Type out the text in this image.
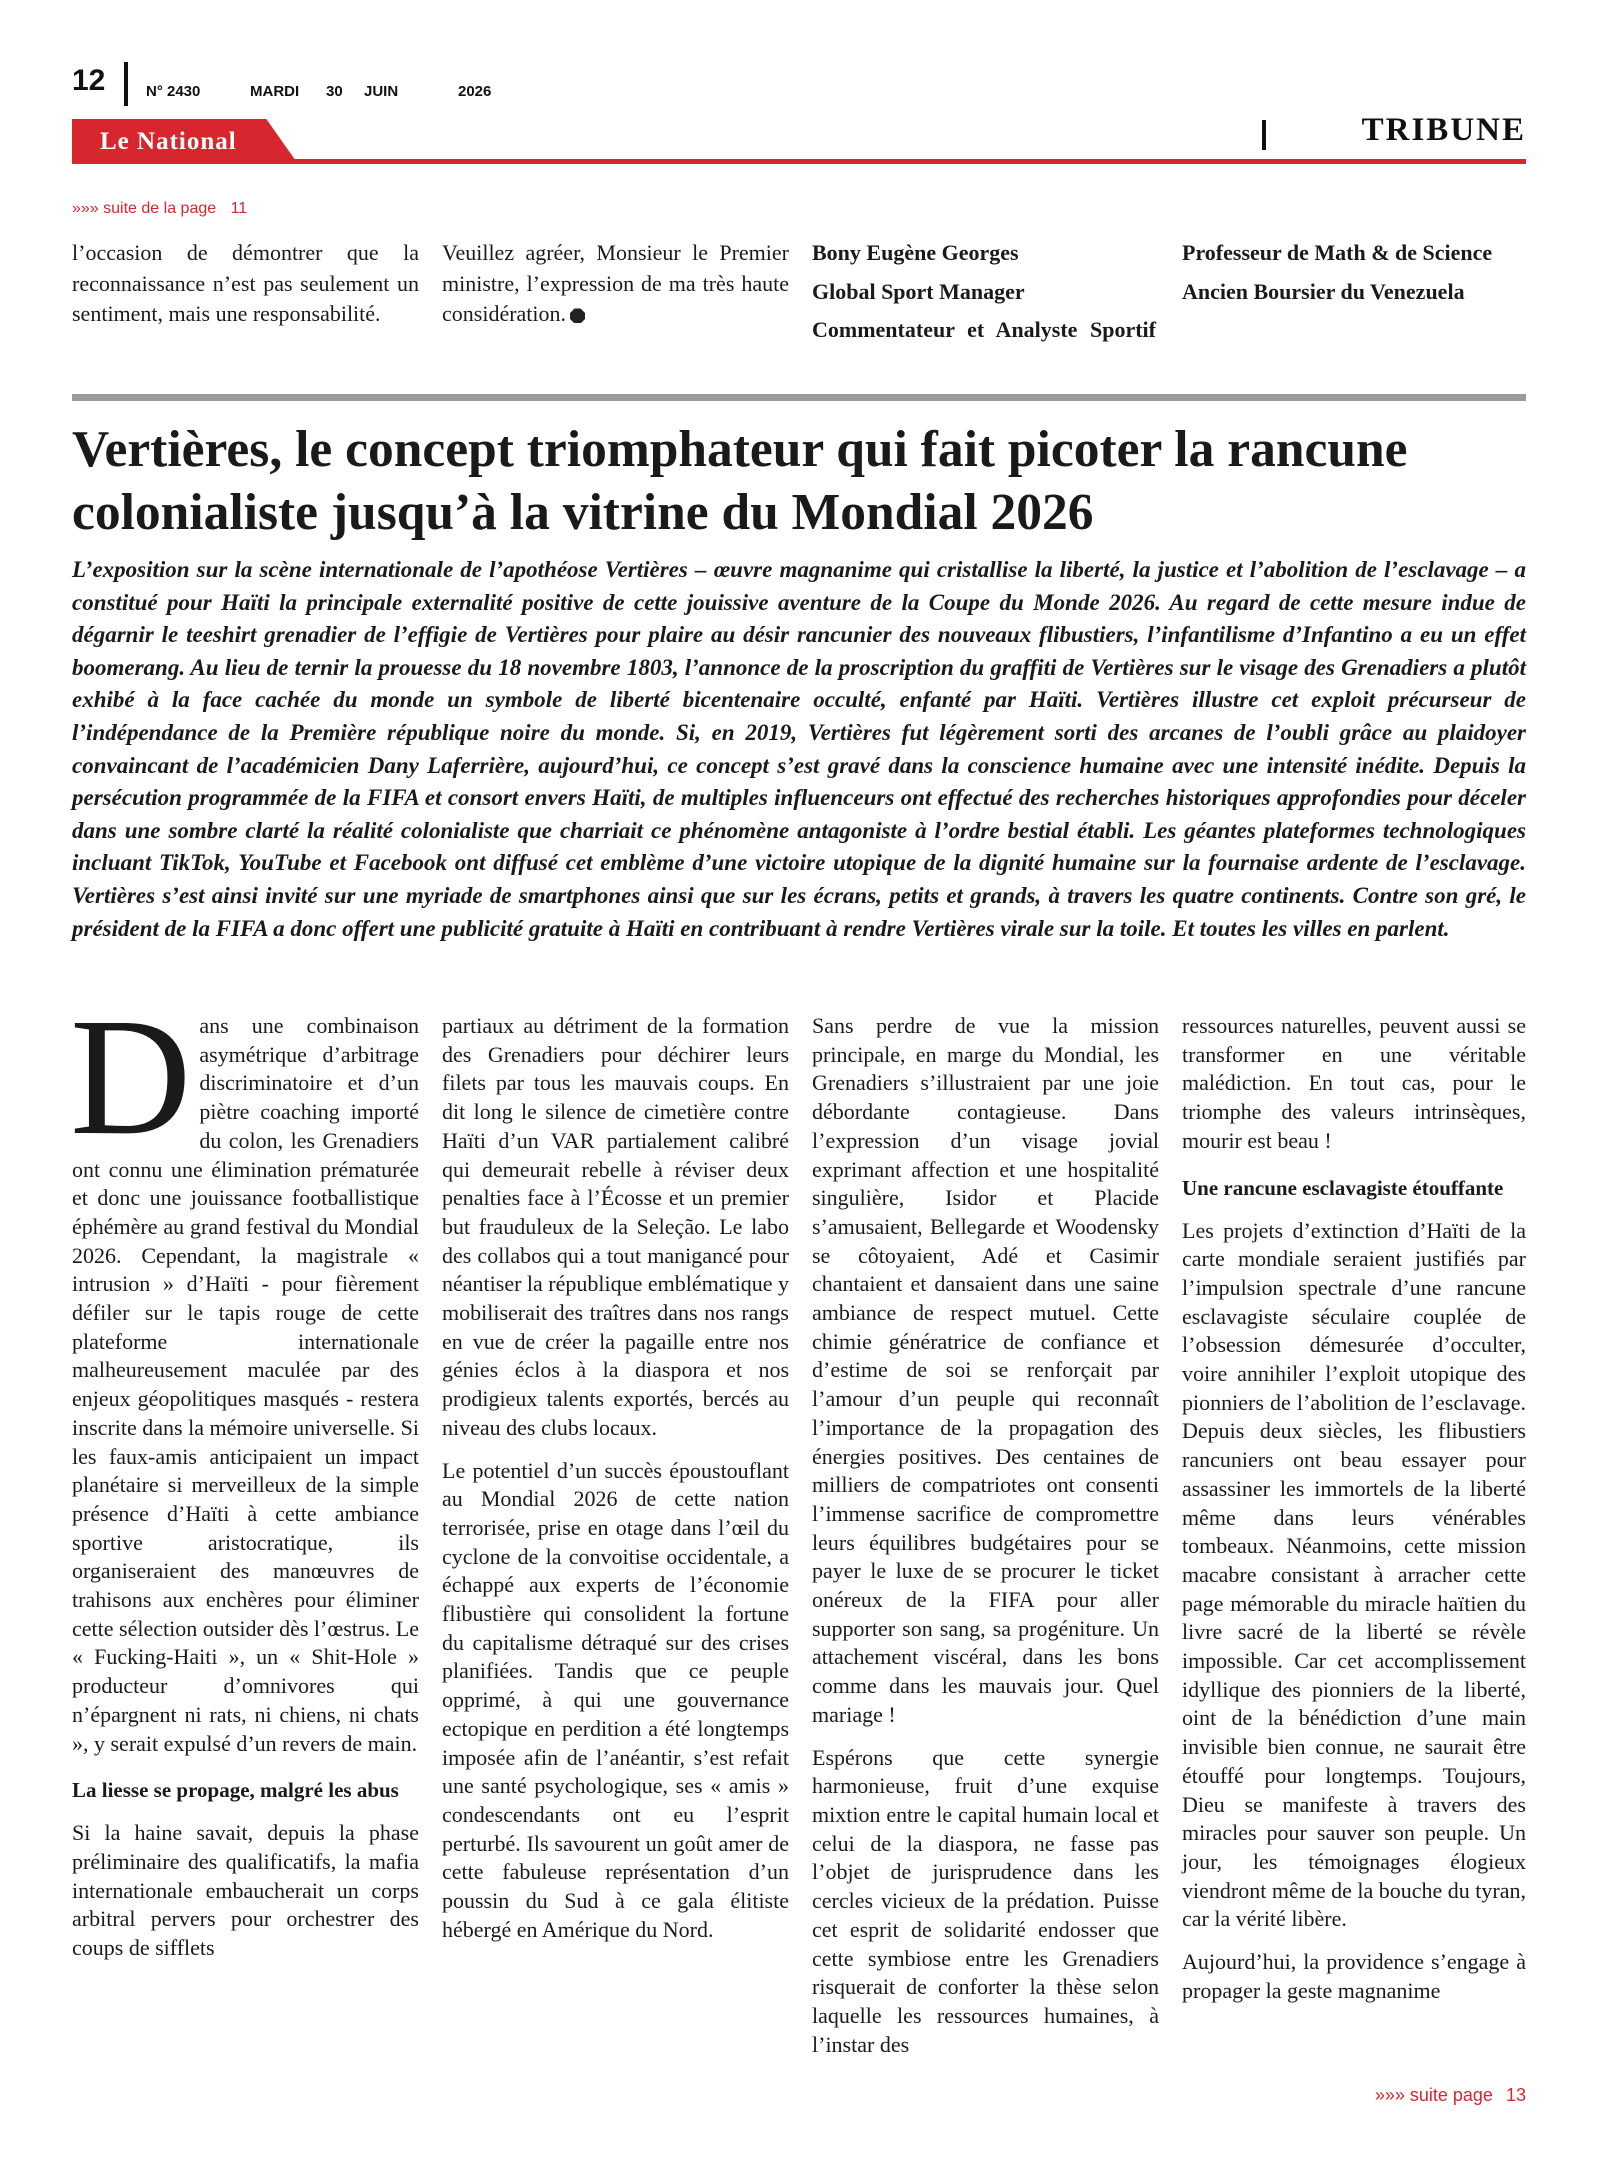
12	N° 2430	MARDI 30 JUIN	2026
Le National	TRIBUNE
»»» suite de la page 11
l’occasion de démontrer que la reconnaissance n’est pas seulement un sentiment, mais une responsabilité.
Veuillez agréer, Monsieur le Premier ministre, l’expression de ma très haute considération.
Bony Eugène Georges
Global Sport Manager
Commentateur et Analyste Sportif
Professeur de Math & de Science
Ancien Boursier du Venezuela
Vertières, le concept triomphateur qui fait picoter la rancune colonialiste jusqu’à la vitrine du Mondial 2026

L’exposition sur la scène internationale de l’apothéose Vertières – œuvre magnanime qui cristallise la liberté, la justice et l’abolition de l’esclavage – a constitué pour Haïti la principale externalité positive de cette jouissive aventure de la Coupe du Monde 2026. Au regard de cette mesure indue de dégarnir le teeshirt grenadier de l’effigie de Vertières pour plaire au désir rancunier des nouveaux flibustiers, l’infantilisme d’Infantino a eu un effet boomerang. Au lieu de ternir la prouesse du 18 novembre 1803, l’annonce de la proscription du graffiti de Vertières sur le visage des Grenadiers a plutôt exhibé à la face cachée du monde un symbole de liberté bicentenaire occulté, enfanté par Haïti. Vertières illustre cet exploit précurseur de l’indépendance de la Première république noire du monde. Si, en 2019, Vertières fut légèrement sorti des arcanes de l’oubli grâce au plaidoyer convaincant de l’académicien Dany Laferrière, aujourd’hui, ce concept s’est gravé dans la conscience humaine avec une intensité inédite. Depuis la persécution programmée de la FIFA et consort envers Haïti, de multiples influenceurs ont effectué des recherches historiques approfondies pour déceler dans une sombre clarté la réalité colonialiste que charriait ce phénomène antagoniste à l’ordre bestial établi. Les géantes plateformes technologiques incluant TikTok, YouTube et Facebook ont diffusé cet emblème d’une victoire utopique de la dignité humaine sur la fournaise ardente de l’esclavage. Vertières s’est ainsi invité sur une myriade de smartphones ainsi que sur les écrans, petits et grands, à travers les quatre continents. Contre son gré, le président de la FIFA a donc offert une publicité gratuite à Haïti en contribuant à rendre Vertières virale sur la toile. Et toutes les villes en parlent.

Dans une combinaison asymétrique d’arbitrage discriminatoire et d’un piètre coaching importé du colon, les Grenadiers ont connu une élimination prématurée et donc une jouissance footballistique éphémère au grand festival du Mondial 2026. Cependant, la magistrale « intrusion » d’Haïti - pour fièrement défiler sur le tapis rouge de cette plateforme internationale malheureusement maculée par des enjeux géopolitiques masqués - restera inscrite dans la mémoire universelle. Si les faux-amis anticipaient un impact planétaire si merveilleux de la simple présence d’Haïti à cette ambiance sportive aristocratique, ils organiseraient des manœuvres de trahisons aux enchères pour éliminer cette sélection outsider dès l’œstrus. Le « Fucking-Haiti », un « Shit-Hole » producteur d’omnivores qui n’épargnent ni rats, ni chiens, ni chats », y serait expulsé d’un revers de main.

La liesse se propage, malgré les abus

Si la haine savait, depuis la phase préliminaire des qualificatifs, la mafia internationale embaucherait un corps arbitral pervers pour orchestrer des coups de sifflets

partiaux au détriment de la formation des Grenadiers pour déchirer leurs filets par tous les mauvais coups. En dit long le silence de cimetière contre Haïti d’un VAR partialement calibré qui demeurait rebelle à réviser deux penalties face à l’Écosse et un premier but frauduleux de la Seleção. Le labo des collabos qui a tout manigancé pour néantiser la république emblématique y mobiliserait des traîtres dans nos rangs en vue de créer la pagaille entre nos génies éclos à la diaspora et nos prodigieux talents exportés, bercés au niveau des clubs locaux.

Le potentiel d’un succès époustouflant au Mondial 2026 de cette nation terrorisée, prise en otage dans l’œil du cyclone de la convoitise occidentale, a échappé aux experts de l’économie flibustière qui consolident la fortune du capitalisme détraqué sur des crises planifiées. Tandis que ce peuple opprimé, à qui une gouvernance ectopique en perdition a été longtemps imposée afin de l’anéantir, s’est refait une santé psychologique, ses « amis » condescendants ont eu l’esprit perturbé. Ils savourent un goût amer de cette fabuleuse représentation d’un poussin du Sud à ce gala élitiste hébergé en Amérique du Nord.

Sans perdre de vue la mission principale, en marge du Mondial, les Grenadiers s’illustraient par une joie débordante contagieuse. Dans l’expression d’un visage jovial exprimant affection et une hospitalité singulière, Isidor et Placide s’amusaient, Bellegarde et Woodensky se côtoyaient, Adé et Casimir chantaient et dansaient dans une saine ambiance de respect mutuel. Cette chimie génératrice de confiance et d’estime de soi se renforçait par l’amour d’un peuple qui reconnaît l’importance de la propagation des énergies positives. Des centaines de milliers de compatriotes ont consenti l’immense sacrifice de compromettre leurs équilibres budgétaires pour se payer le luxe de se procurer le ticket onéreux de la FIFA pour aller supporter son sang, sa progéniture. Un attachement viscéral, dans les bons comme dans les mauvais jour. Quel mariage !

Espérons que cette synergie harmonieuse, fruit d’une exquise mixtion entre le capital humain local et celui de la diaspora, ne fasse pas l’objet de jurisprudence dans les cercles vicieux de la prédation. Puisse cet esprit de solidarité endosser que cette symbiose entre les Grenadiers risquerait de conforter la thèse selon laquelle les ressources humaines, à l’instar des

ressources naturelles, peuvent aussi se transformer en une véritable malédiction. En tout cas, pour le triomphe des valeurs intrinsèques, mourir est beau !

Une rancune esclavagiste étouffante

Les projets d’extinction d’Haïti de la carte mondiale seraient justifiés par l’impulsion spectrale d’une rancune esclavagiste séculaire couplée de l’obsession démesurée d’occulter, voire annihiler l’exploit utopique des pionniers de l’abolition de l’esclavage. Depuis deux siècles, les flibustiers rancuniers ont beau essayer pour assassiner les immortels de la liberté même dans leurs vénérables tombeaux. Néanmoins, cette mission macabre consistant à arracher cette page mémorable du miracle haïtien du livre sacré de la liberté se révèle impossible. Car cet accomplissement idyllique des pionniers de la liberté, oint de la bénédiction d’une main invisible bien connue, ne saurait être étouffé pour longtemps. Toujours, Dieu se manifeste à travers des miracles pour sauver son peuple. Un jour, les témoignages élogieux viendront même de la bouche du tyran, car la vérité libère.

Aujourd’hui, la providence s’engage à propager la geste magnanime

»»» suite page 13
